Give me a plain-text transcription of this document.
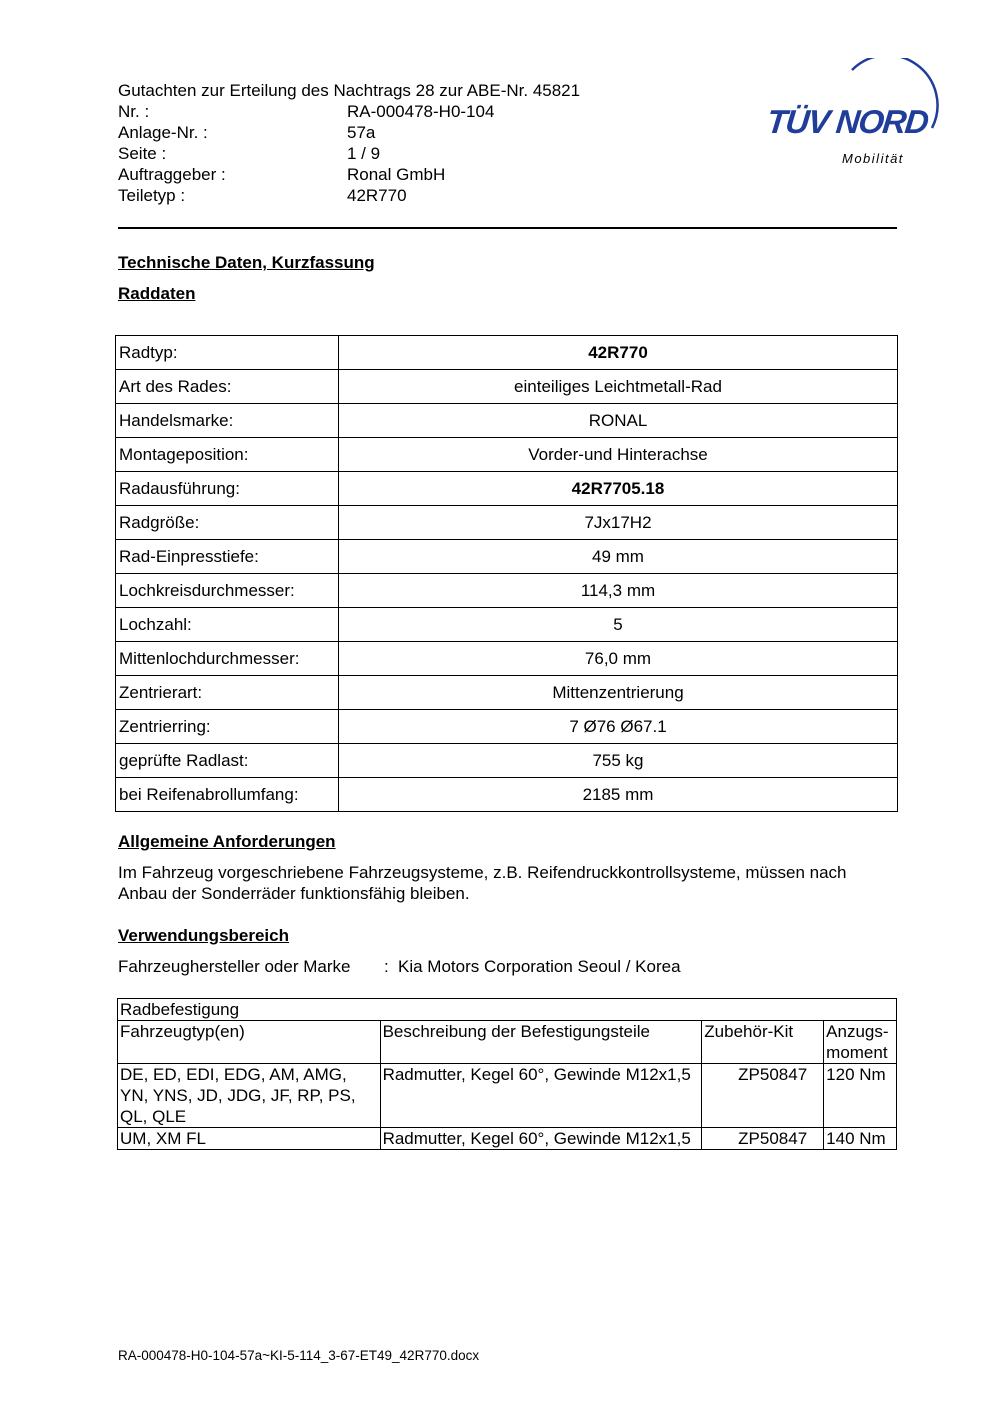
Gutachten zur Erteilung des Nachtrags 28 zur ABE-Nr. 45821
Nr. :	RA-000478-H0-104
Anlage-Nr. :	57a
Seite :	1 / 9
Auftraggeber :	Ronal GmbH
Teiletyp :	42R770
TÜV NORD
Mobilität
Technische Daten, Kurzfassung
Raddaten
Radtyp:	42R770
Art des Rades:	einteiliges Leichtmetall-Rad
Handelsmarke:	RONAL
Montageposition:	Vorder-und Hinterachse
Radausführung:	42R7705.18
Radgröße:	7Jx17H2
Rad-Einpresstiefe:	49 mm
Lochkreisdurchmesser:	114,3 mm
Lochzahl:	5
Mittenlochdurchmesser:	76,0 mm
Zentrierart:	Mittenzentrierung
Zentrierring:	7 Ø76 Ø67.1
geprüfte Radlast:	755 kg
bei Reifenabrollumfang:	2185 mm
Allgemeine Anforderungen
Im Fahrzeug vorgeschriebene Fahrzeugsysteme, z.B. Reifendruckkontrollsysteme, müssen nach Anbau der Sonderräder funktionsfähig bleiben.
Verwendungsbereich
Fahrzeughersteller oder Marke : Kia Motors Corporation Seoul / Korea
Radbefestigung			
Fahrzeugtyp(en)	Beschreibung der Befestigungsteile	Zubehör-Kit	Anzugs-moment
DE, ED, EDI, EDG, AM, AMG, YN, YNS, JD, JDG, JF, RP, PS, QL, QLE	Radmutter, Kegel 60°, Gewinde M12x1,5	ZP50847	120 Nm
UM, XM FL	Radmutter, Kegel 60°, Gewinde M12x1,5	ZP50847	140 Nm
RA-000478-H0-104-57a~KI-5-114_3-67-ET49_42R770.docx
